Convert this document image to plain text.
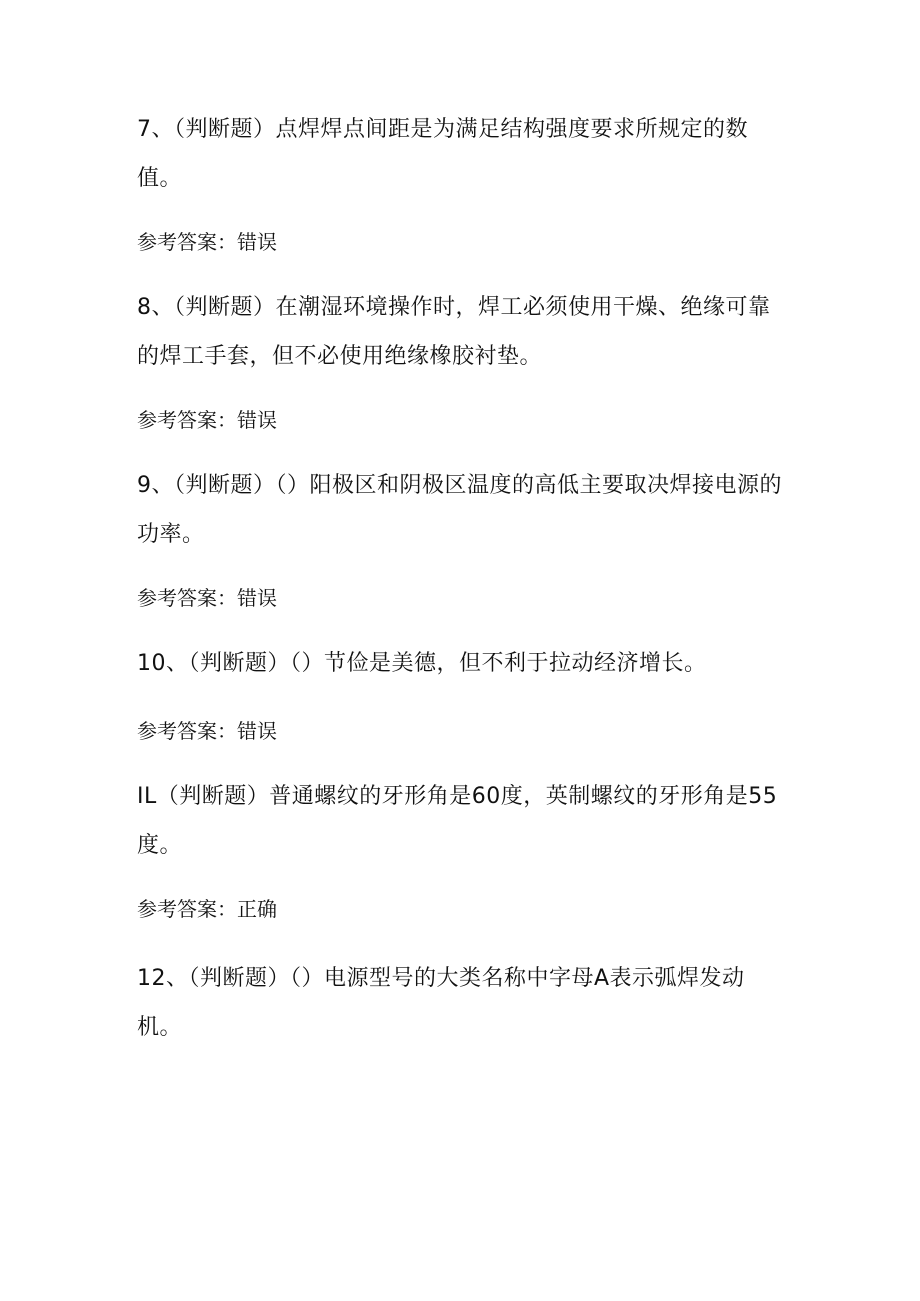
7、（判断题）点焊焊点间距是为满足结构强度要求所规定的数值。

参考答案：错误

8、（判断题）在潮湿环境操作时，焊工必须使用干燥、绝缘可靠的焊工手套，但不必使用绝缘橡胶衬垫。

参考答案：错误

9、（判断题）（）阳极区和阴极区温度的高低主要取决焊接电源的功率。

参考答案：错误

10、（判断题）（）节俭是美德，但不利于拉动经济增长。

参考答案：错误

IL（判断题）普通螺纹的牙形角是60度，英制螺纹的牙形角是55度。

参考答案：正确

12、（判断题）（）电源型号的大类名称中字母A表示弧焊发动机。
